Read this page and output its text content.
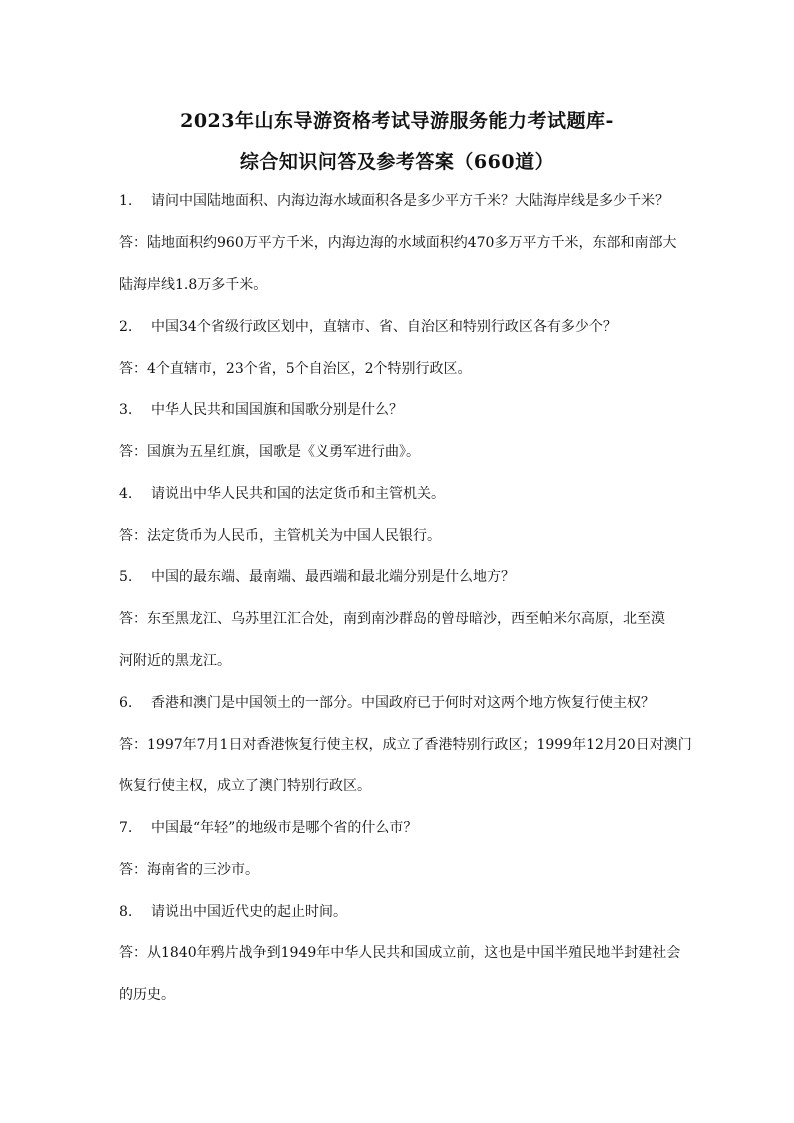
2023年山东导游资格考试导游服务能力考试题库-
综合知识问答及参考答案（660道）
1. 请问中国陆地面积、内海边海水域面积各是多少平方千米？大陆海岸线是多少千米？
答：陆地面积约960万平方千米，内海边海的水域面积约470多万平方千米，东部和南部大
陆海岸线1.8万多千米。
2. 中国34个省级行政区划中，直辖市、省、自治区和特别行政区各有多少个？
答：4个直辖市，23个省，5个自治区，2个特别行政区。
3. 中华人民共和国国旗和国歌分别是什么？
答：国旗为五星红旗，国歌是《义勇军进行曲》。
4. 请说出中华人民共和国的法定货币和主管机关。
答：法定货币为人民币，主管机关为中国人民银行。
5. 中国的最东端、最南端、最西端和最北端分别是什么地方？
答：东至黑龙江、乌苏里江汇合处，南到南沙群岛的曾母暗沙，西至帕米尔高原，北至漠
河附近的黑龙江。
6. 香港和澳门是中国领土的一部分。中国政府已于何时对这两个地方恢复行使主权？
答：1997年7月1日对香港恢复行使主权，成立了香港特别行政区；1999年12月20日对澳门
恢复行使主权，成立了澳门特别行政区。
7. 中国最“年轻”的地级市是哪个省的什么市？
答：海南省的三沙市。
8. 请说出中国近代史的起止时间。
答：从1840年鸦片战争到1949年中华人民共和国成立前，这也是中国半殖民地半封建社会
的历史。
